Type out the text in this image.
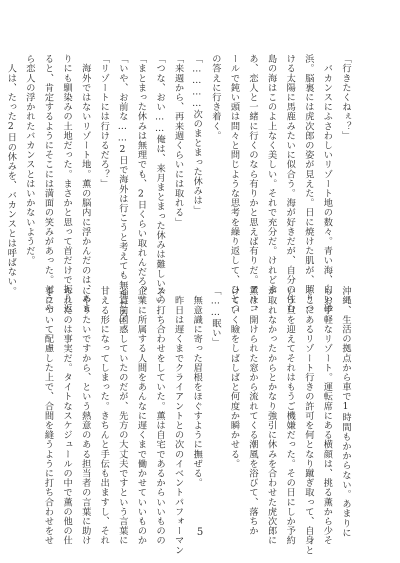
「行きたくねぇ？」
　バカンスにふさわしいリゾート地の数々。青い海、白い砂
浜。脳裏には虎次郎の姿が見えた。日に焼けた肌が、照りつ
ける太陽に馬鹿みたいに似合う。海が好きだが、自分の住む
島の海はこのよ上なく美しい。それで充分だ。けれどま
あ、恋人と一緒に行くのなら有りかと思えば有りだ。アルコ
ールで鈍い頭は問々と問じような思考を繰り返して、ひとつ
の答えに行き着く。
「…………次のまとまった休みは」
「来週から、再来週くらいには取れる」
「つな、おい……俺は、来月まとまった休みは難しいぞ」
「まとまった休みは無理でも、2日くらい取れんだろ？」
「いや、お前な……2日で海外は行こうと考えても無理だろ」
「リゾートには行けるだろ？」
　海外ではないリゾート地。薫の脳内に浮かんだのは、あま
りにも馴染みの土地だった。まさかと思って首だけで振り返
ると、肯定するようにそこには満面の笑みがあった。どうや
ら恋人の浮かれたバカンスとはいかないようだ。
　人は、たった2日の休みを、バカンスとは呼ばない。
沖縄、生活の拠点から車で1時間もかからない。あまりに
もお手軽なリゾート。運転席にある横顔は、挑る薫から少そ
そこにあるリゾート行きの許可を何となり蹴ぎ取って、自身と
いう旦を迎えてそれはもうご機嫌だった。その日にしか予約
が取れなかったからとかなり強引に休みを合わせた虎次郎に
薫は、開けられた窓から流れてくる潮風を浴びて、落ちか
けていく瞼をしばしばと何度か瞬かせる。
「……眠い」
　無意識に寄った眉根をほぐすように撫ぜる。
　昨日は遅くまでクライアントとの次のイベントパフォーマン
スの打ち合わせをしていた。薫は自宅であるからいいものの
企業に所属する人間をあんなに遅くまで働かせていいものか
と直前困惑していたのだが、先方の大丈夫ですという言葉に
甘える形になってしまった。きちんと手伝も出ますし、それ
にやりたいですから、という熱意のある担当者の言葉に助け
られたのは事実だ。タイトなスケジュールの中で薫の他の仕
事について配慮した上で、合間を縫うように打ち合わせをせ	5
